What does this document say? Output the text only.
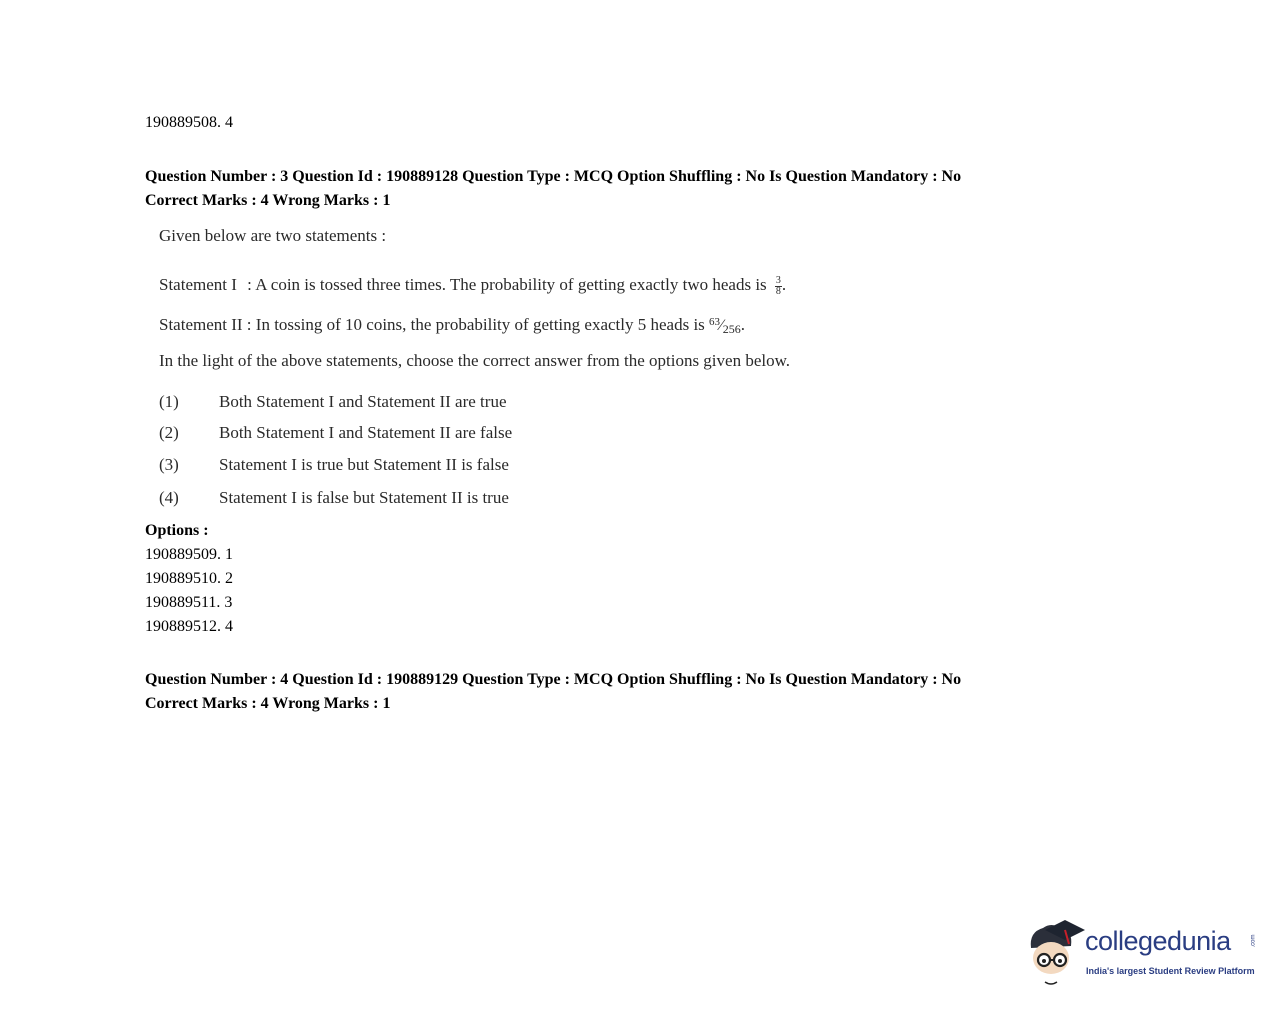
190889508. 4
Question Number : 3 Question Id : 190889128 Question Type : MCQ Option Shuffling : No Is Question Mandatory : No
Correct Marks : 4 Wrong Marks : 1
Given below are two statements :
Statement I : A coin is tossed three times. The probability of getting exactly two heads is $\frac{3}{8}$ .
Statement II : In tossing of 10 coins, the probability of getting exactly 5 heads is $^{63}⁄_{256}$.
In the light of the above statements, choose the correct answer from the options given below.
(1) Both Statement I and Statement II are true
(2) Both Statement I and Statement II are false
(3) Statement I is true but Statement II is false
(4) Statement I is false but Statement II is true
Options :
190889509. 1
190889510. 2
190889511. 3
190889512. 4
Question Number : 4 Question Id : 190889129 Question Type : MCQ Option Shuffling : No Is Question Mandatory : No
Correct Marks : 4 Wrong Marks : 1
collegedunia	.com
India's largest Student Review Platform
